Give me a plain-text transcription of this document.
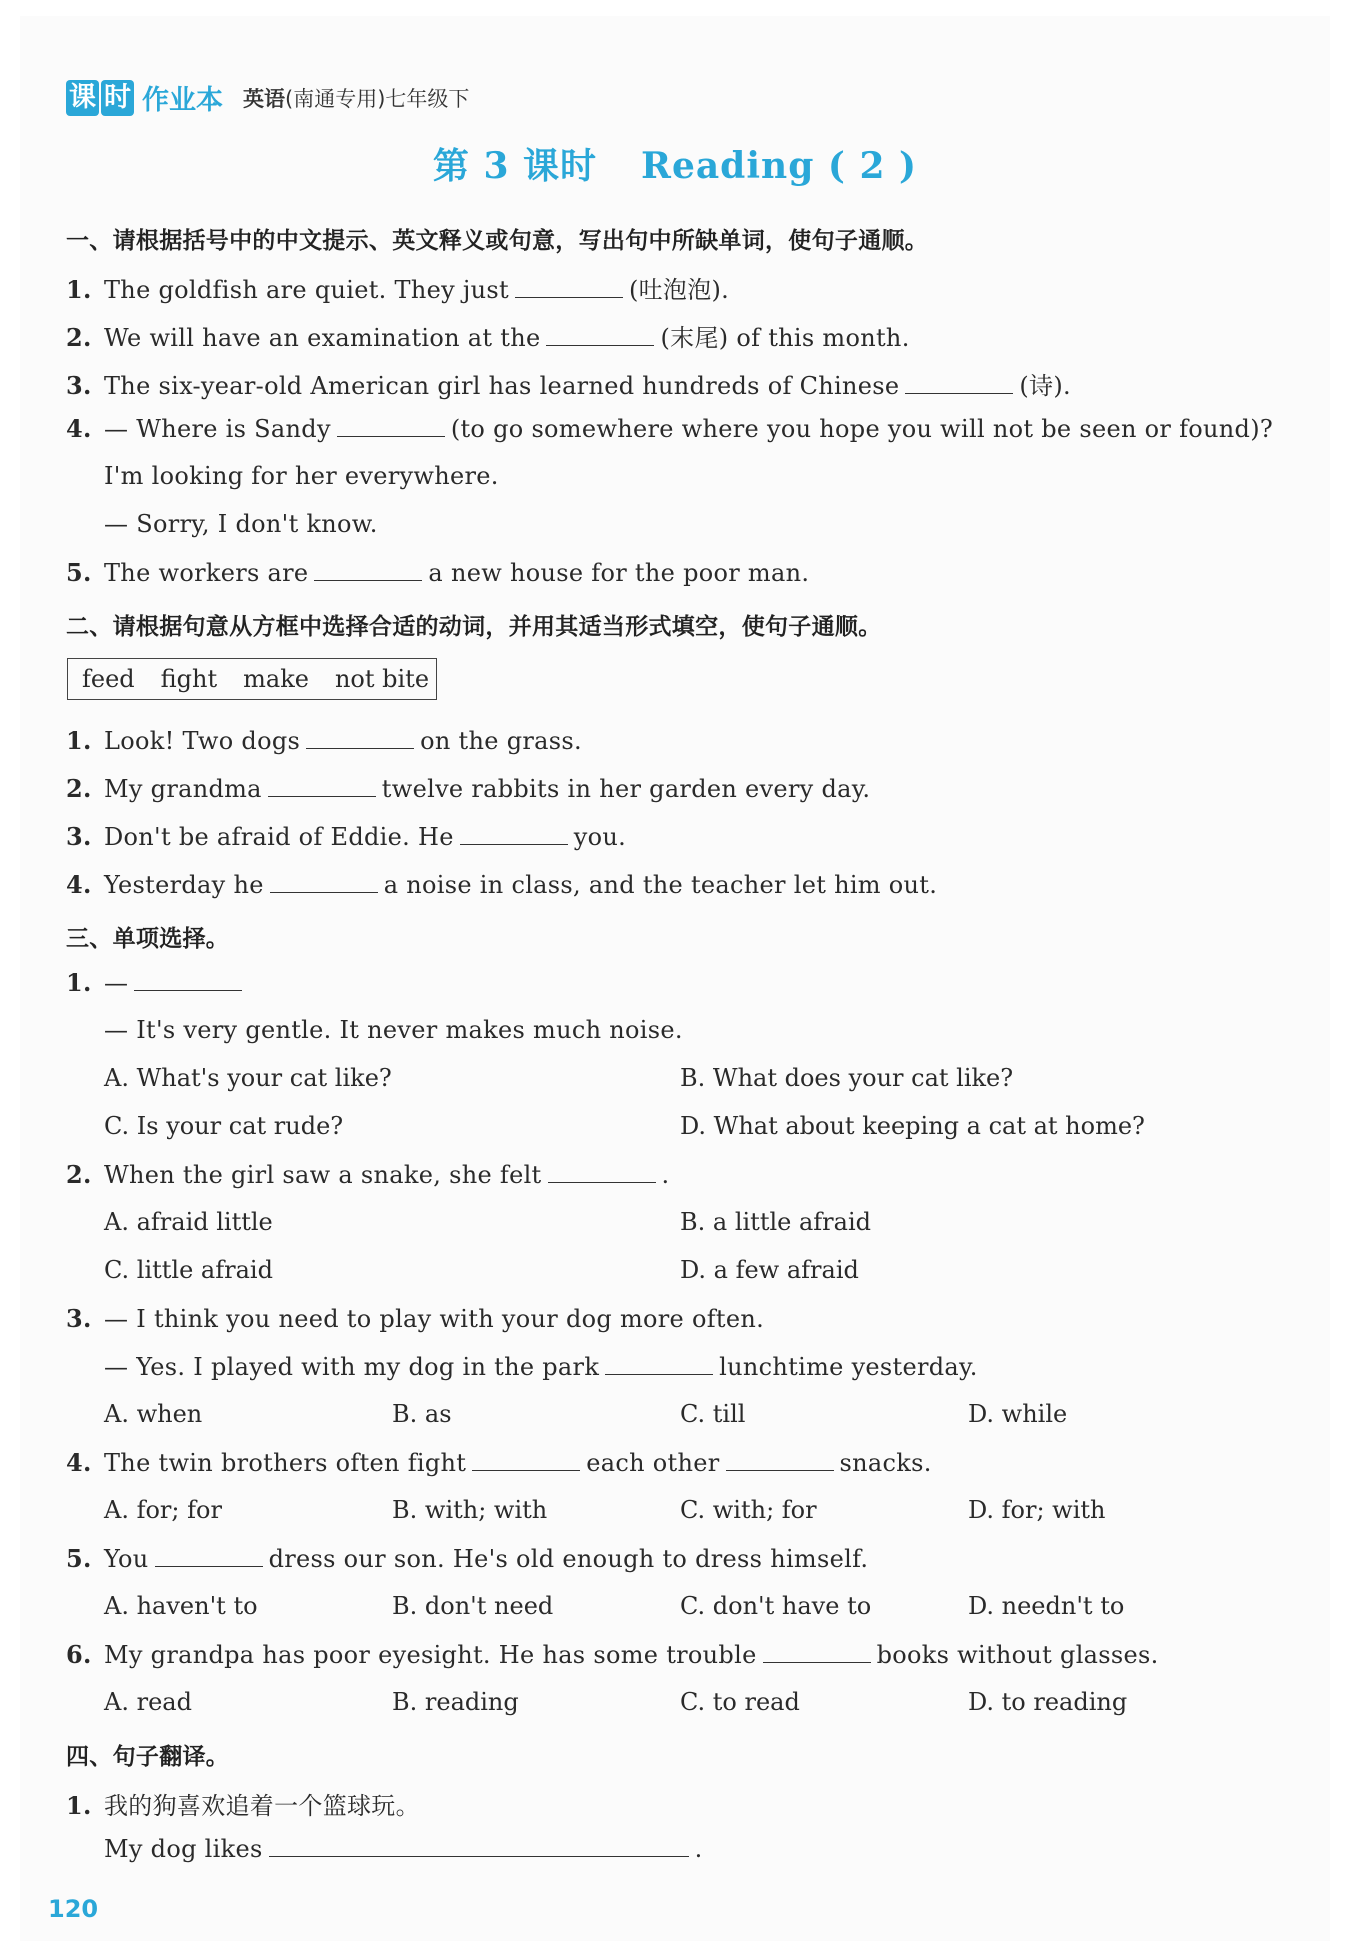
课 时 作业本 英语(南通专用)七年级下
第 3 课时 Reading ( 2 )
一、请根据括号中的中文提示、英文释义或句意，写出句中所缺单词，使句子通顺。
1. The goldfish are quiet. They just	(吐泡泡).
2. We will have an examination at the	(末尾) of this month.
3. The six-year-old American girl has learned hundreds of Chinese	(诗).
4. — Where is Sandy	(to go somewhere where you hope you will not be seen or found)?
I'm looking for her everywhere.
— Sorry, I don't know.
5. The workers are	a new house for the poor man.
二、请根据句意从方框中选择合适的动词，并用其适当形式填空，使句子通顺。
feed fight make not bite
1. Look! Two dogs	on the grass.
2. My grandma	twelve rabbits in her garden every day.
3. Don't be afraid of Eddie. He	you.
4. Yesterday he	a noise in class, and the teacher let him out.
三、单项选择。
1. —
— It's very gentle. It never makes much noise.
A. What's your cat like?	B. What does your cat like?
C. Is your cat rude?	D. What about keeping a cat at home?
2. When the girl saw a snake, she felt	.
A. afraid little	B. a little afraid
C. little afraid	D. a few afraid
3. — I think you need to play with your dog more often.
— Yes. I played with my dog in the park	lunchtime yesterday.
A. when	B. as	C. till	D. while
4. The twin brothers often fight	each other	snacks.
A. for; for	B. with; with	C. with; for	D. for; with
5. You	dress our son. He's old enough to dress himself.
A. haven't to	B. don't need	C. don't have to	D. needn't to
6. My grandpa has poor eyesight. He has some trouble	books without glasses.
A. read	B. reading	C. to read	D. to reading
四、句子翻译。
1. 我的狗喜欢追着一个篮球玩。
My dog likes	.
120
